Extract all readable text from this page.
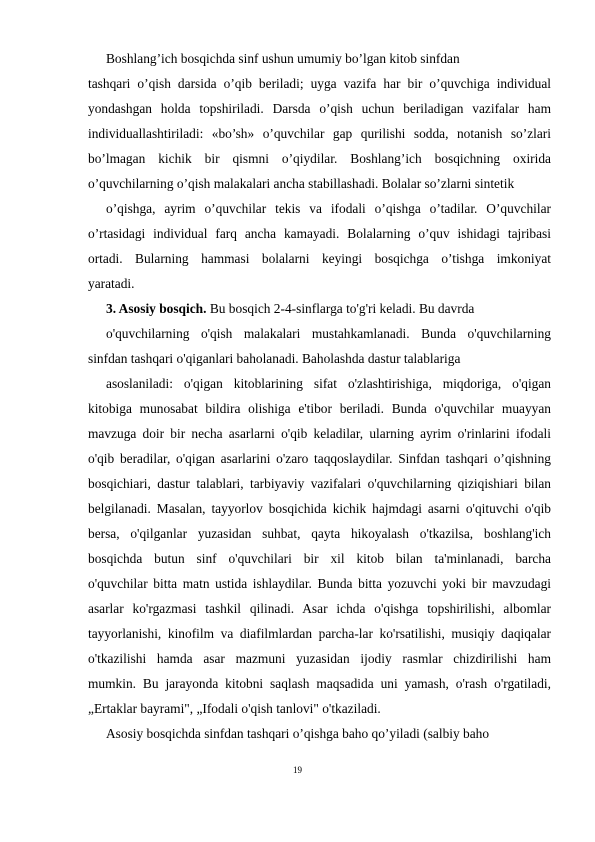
Boshlang’ich bosqichda sinf ushun umumiy bo’lgan kitob sinfdan
tashqari o’qish darsida o’qib beriladi; uyga vazifa har bir o’quvchiga individual
yondashgan holda topshiriladi. Darsda o’qish uchun beriladigan vazifalar ham
individuallashtiriladi: «bo’sh» o’quvchilar gap qurilishi sodda, notanish so’zlari
bo’lmagan kichik bir qismni o’qiydilar. Boshlang’ich bosqichning oxirida
o’quvchilarning o’qish malakalari ancha stabillashadi. Bolalar so’zlarni sintetik
o’qishga, ayrim o’quvchilar tekis va ifodali o’qishga o’tadilar. O’quvchilar
o’rtasidagi individual farq ancha kamayadi. Bolalarning o’quv ishidagi tajribasi
ortadi. Bularning hammasi bolalarni keyingi bosqichga o’tishga imkoniyat
yaratadi.
3. Asosiy bosqich. Bu bosqich 2-4-sinflarga to'g'ri keladi. Bu davrda
o'quvchilarning o'qish malakalari mustahkamlanadi. Bunda o'quvchilarning
sinfdan tashqari o'qiganlari baholanadi. Baholashda dastur talablariga
asoslaniladi: o'qigan kitoblarining sifat o'zlashtirishiga, miqdoriga, o'qigan
kitobiga munosabat bildira olishiga e'tibor beriladi. Bunda o'quvchilar muayyan
mavzuga doir bir necha asarlarni o'qib keladilar, ularning ayrim o'rinlarini ifodali
o'qib beradilar, o'qigan asarlarini o'zaro taqqoslaydilar. Sinfdan tashqari o’qishning
bosqichiari, dastur talablari, tarbiyaviy vazifalari o'quvchilarning qiziqishiari bilan
belgilanadi. Masalan, tayyorlov bosqichida kichik hajmdagi asarni o'qituvchi o'qib
bersa, o'qilganlar yuzasidan suhbat, qayta hikoyalash o'tkazilsa, boshlang'ich
bosqichda butun sinf o'quvchilari bir xil kitob bilan ta'minlanadi, barcha
o'quvchilar bitta matn ustida ishlaydilar. Bunda bitta yozuvchi yoki bir mavzudagi
asarlar ko'rgazmasi tashkil qilinadi. Asar ichda o'qishga topshirilishi, albomlar
tayyorlanishi, kinofilm va diafilmlardan parcha-lar ko'rsatilishi, musiqiy daqiqalar
o'tkazilishi hamda asar mazmuni yuzasidan ijodiy rasmlar chizdirilishi ham
mumkin. Bu jarayonda kitobni saqlash maqsadida uni yamash, o'rash o'rgatiladi,
„Ertaklar bayrami", „Ifodali o'qish tanlovi" o'tkaziladi.
Asosiy bosqichda sinfdan tashqari o’qishga baho qo’yiladi (salbiy baho
19
